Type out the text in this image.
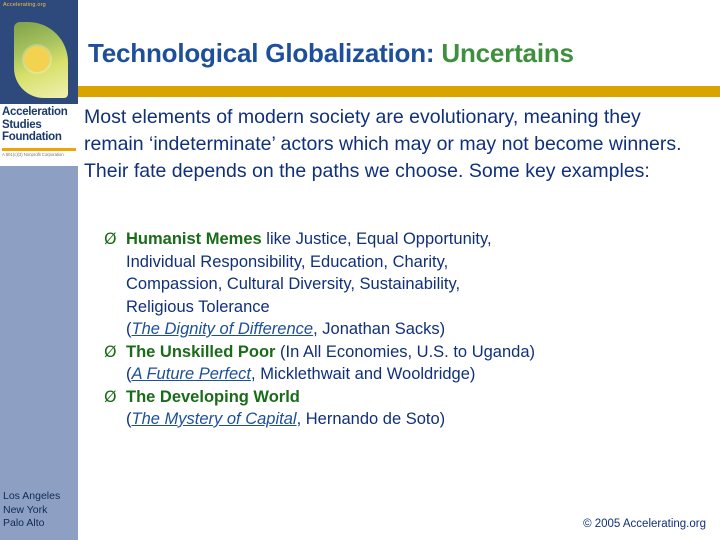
Accelerating.org
Acceleration Studies Foundation
A 501(c)(3) Nonprofit Corporation
Los Angeles
New York
Palo Alto
Technological Globalization: Uncertains
Most elements of modern society are evolutionary, meaning they remain ‘indeterminate’ actors which may or may not become winners. Their fate depends on the paths we choose. Some key examples:
Ø Humanist Memes like Justice, Equal Opportunity,
Individual Responsibility, Education, Charity,
Compassion, Cultural Diversity, Sustainability,
Religious Tolerance
(The Dignity of Difference, Jonathan Sacks)
Ø The Unskilled Poor (In All Economies, U.S. to Uganda)
(A Future Perfect, Micklethwait and Wooldridge)
Ø The Developing World
(The Mystery of Capital, Hernando de Soto)
© 2005 Accelerating.org
